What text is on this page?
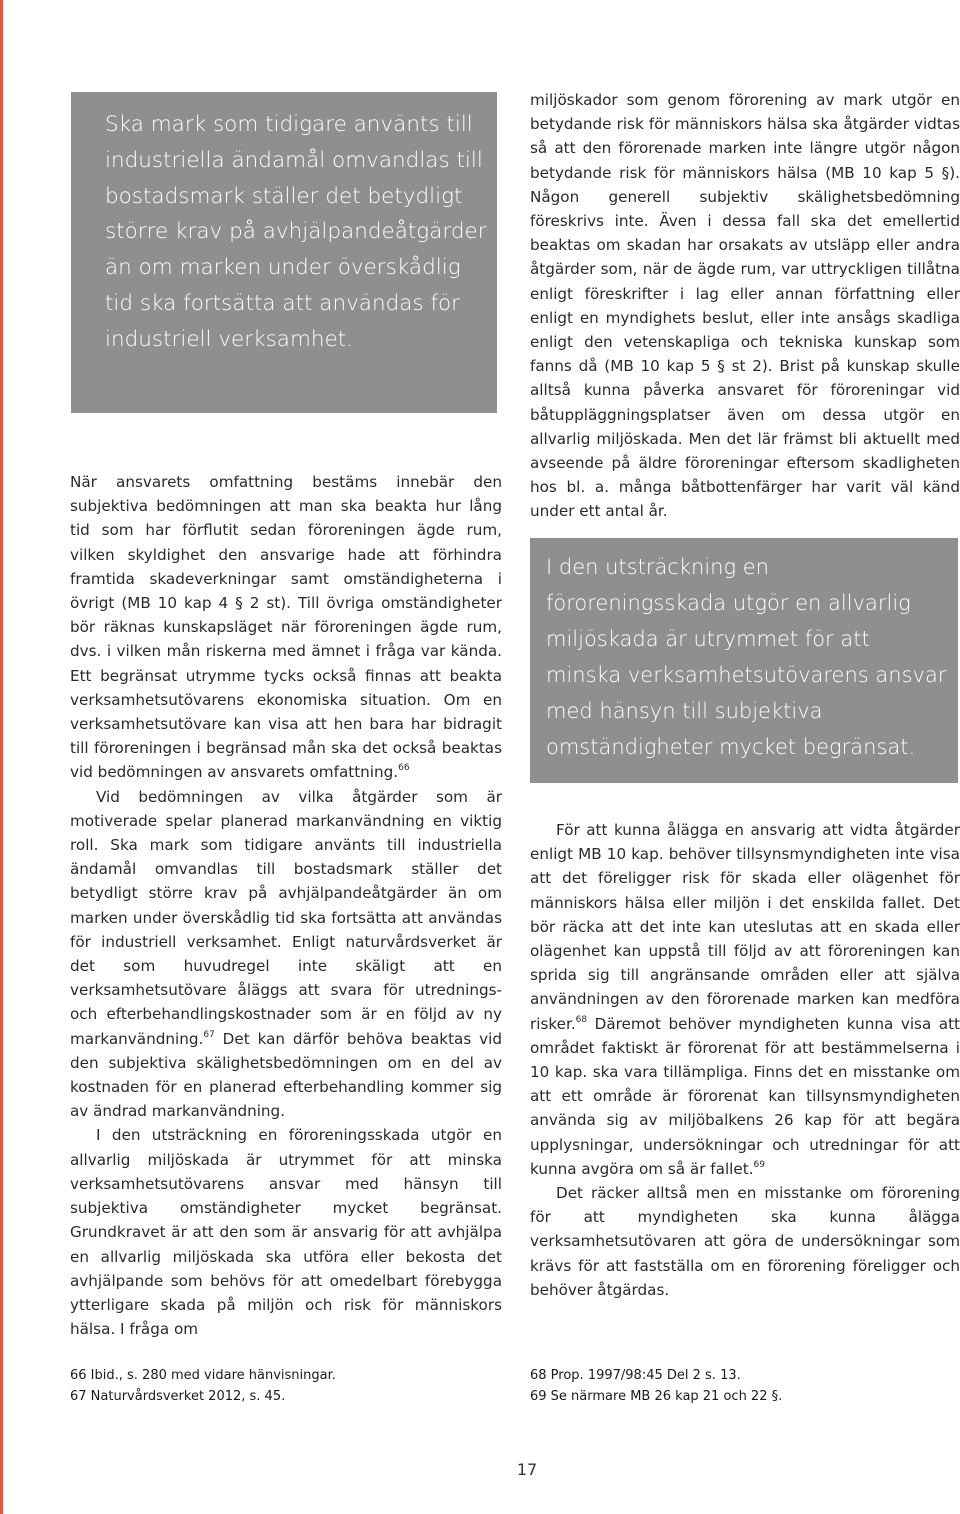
Ska mark som tidigare använts till industriella ändamål omvandlas till bostadsmark ställer det betydligt större krav på avhjälpandeåtgärder än om marken under överskådlig tid ska fortsätta att användas för industriell verksamhet.

När ansvarets omfattning bestäms innebär den subjektiva bedömningen att man ska beakta hur lång tid som har förflutit sedan föroreningen ägde rum, vilken skyldighet den ansvarige hade att förhindra framtida skadeverkningar samt omständigheterna i övrigt (MB 10 kap 4 § 2 st). Till övriga omständigheter bör räknas kunskapsläget när föroreningen ägde rum, dvs. i vilken mån riskerna med ämnet i fråga var kända. Ett begränsat utrymme tycks också finnas att beakta verksamhetsutövarens ekonomiska situation. Om en verksamhetsutövare kan visa att hen bara har bidragit till föroreningen i begränsad mån ska det också beaktas vid bedömningen av ansvarets omfattning.$^{66}$

Vid bedömningen av vilka åtgärder som är motiverade spelar planerad markanvändning en viktig roll. Ska mark som tidigare använts till industriella ändamål omvandlas till bostadsmark ställer det betydligt större krav på avhjälpandeåtgärder än om marken under överskådlig tid ska fortsätta att användas för industriell verksamhet. Enligt naturvårdsverket är det som huvudregel inte skäligt att en verksamhetsutövare åläggs att svara för utrednings- och efterbehandlingskostnader som är en följd av ny markanvändning.$^{67}$ Det kan därför behöva beaktas vid den subjektiva skälighetsbedömningen om en del av kostnaden för en planerad efterbehandling kommer sig av ändrad markanvändning.

I den utsträckning en föroreningsskada utgör en allvarlig miljöskada är utrymmet för att minska verksamhetsutövarens ansvar med hänsyn till subjektiva omständigheter mycket begränsat. Grundkravet är att den som är ansvarig för att avhjälpa en allvarlig miljöskada ska utföra eller bekosta det avhjälpande som behövs för att omedelbart förebygga ytterligare skada på miljön och risk för människors hälsa. I fråga om

miljöskador som genom förorening av mark utgör en betydande risk för människors hälsa ska åtgärder vidtas så att den förorenade marken inte längre utgör någon betydande risk för människors hälsa (MB 10 kap 5 §). Någon generell subjektiv skälighetsbedömning föreskrivs inte. Även i dessa fall ska det emellertid beaktas om skadan har orsakats av utsläpp eller andra åtgärder som, när de ägde rum, var uttryckligen tillåtna enligt föreskrifter i lag eller annan författning eller enligt en myndighets beslut, eller inte ansågs skadliga enligt den vetenskapliga och tekniska kunskap som fanns då (MB 10 kap 5 § st 2). Brist på kunskap skulle alltså kunna påverka ansvaret för föroreningar vid båtuppläggningsplatser även om dessa utgör en allvarlig miljöskada. Men det lär främst bli aktuellt med avseende på äldre föroreningar eftersom skadligheten hos bl. a. många båtbottenfärger har varit väl känd under ett antal år.

I den utsträckning en föroreningsskada utgör en allvarlig miljöskada är utrymmet för att minska verksamhetsutövarens ansvar med hänsyn till subjektiva omständigheter mycket begränsat.

För att kunna ålägga en ansvarig att vidta åtgärder enligt MB 10 kap. behöver tillsynsmyndigheten inte visa att det föreligger risk för skada eller olägenhet för människors hälsa eller miljön i det enskilda fallet. Det bör räcka att det inte kan uteslutas att en skada eller olägenhet kan uppstå till följd av att föroreningen kan sprida sig till angränsande områden eller att själva användningen av den förorenade marken kan medföra risker.$^{68}$ Däremot behöver myndigheten kunna visa att området faktiskt är förorenat för att bestämmelserna i 10 kap. ska vara tillämpliga. Finns det en misstanke om att ett område är förorenat kan tillsynsmyndigheten använda sig av miljöbalkens 26 kap för att begära upplysningar, undersökningar och utredningar för att kunna avgöra om så är fallet.$^{69}$

Det räcker alltså men en misstanke om förorening för att myndigheten ska kunna ålägga verksamhetsutövaren att göra de undersökningar som krävs för att fastställa om en förorening föreligger och behöver åtgärdas.

66 Ibid., s. 280 med vidare hänvisningar.
67 Naturvårdsverket 2012, s. 45.
68 Prop. 1997/98:45 Del 2 s. 13.
69 Se närmare MB 26 kap 21 och 22 §.
17
